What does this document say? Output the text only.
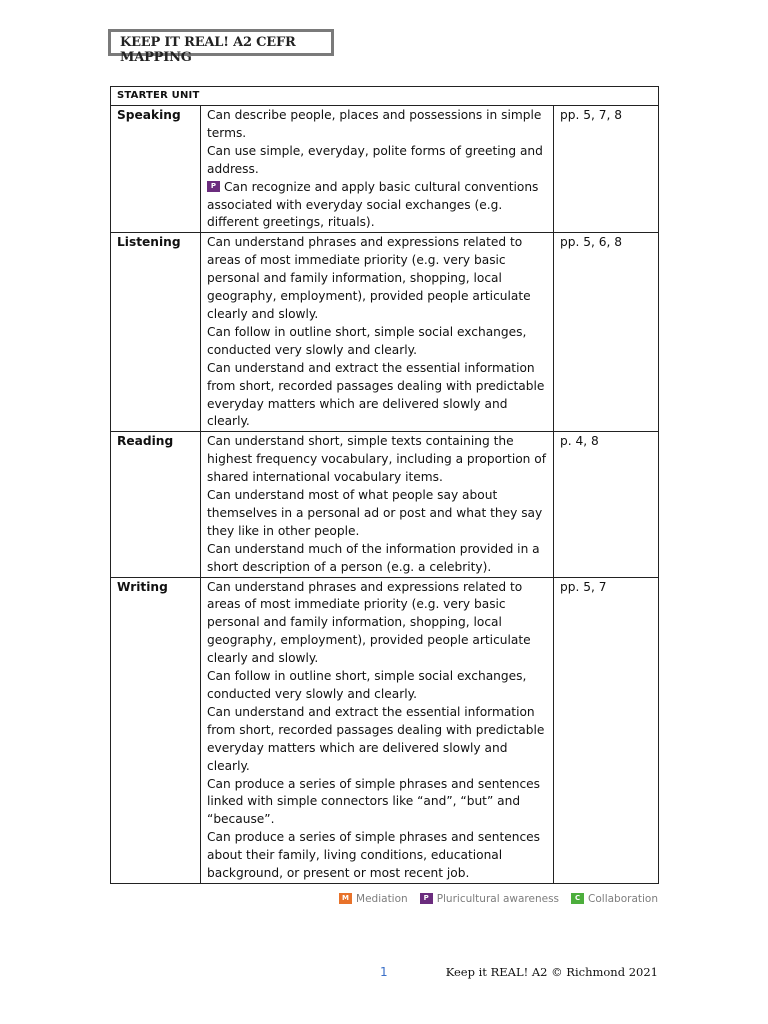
KEEP IT REAL! A2 CEFR
MAPPING
STARTER UNIT		
Speaking	Can describe people, places and possessions in simple terms.
Can use simple, everyday, polite forms of greeting and address.
P Can recognize and apply basic cultural conventions associated with everyday social exchanges (e.g. different greetings, rituals).	pp. 5, 7, 8
Listening	Can understand phrases and expressions related to areas of most immediate priority (e.g. very basic personal and family information, shopping, local geography, employment), provided people articulate clearly and slowly.
Can follow in outline short, simple social exchanges, conducted very slowly and clearly.
Can understand and extract the essential information from short, recorded passages dealing with predictable everyday matters which are delivered slowly and clearly.	pp. 5, 6, 8
Reading	Can understand short, simple texts containing the highest frequency vocabulary, including a proportion of shared international vocabulary items.
Can understand most of what people say about themselves in a personal ad or post and what they say they like in other people.
Can understand much of the information provided in a short description of a person (e.g. a celebrity).	p. 4, 8
Writing	Can understand phrases and expressions related to areas of most immediate priority (e.g. very basic personal and family information, shopping, local geography, employment), provided people articulate clearly and slowly.
Can follow in outline short, simple social exchanges, conducted very slowly and clearly.
Can understand and extract the essential information from short, recorded passages dealing with predictable everyday matters which are delivered slowly and clearly.
Can produce a series of simple phrases and sentences linked with simple connectors like “and”, “but” and “because”.
Can produce a series of simple phrases and sentences about their family, living conditions, educational background, or present or most recent job.	pp. 5, 7
M Mediation P Pluricultural awareness C Collaboration
1	Keep it REAL! A2 © Richmond 2021
